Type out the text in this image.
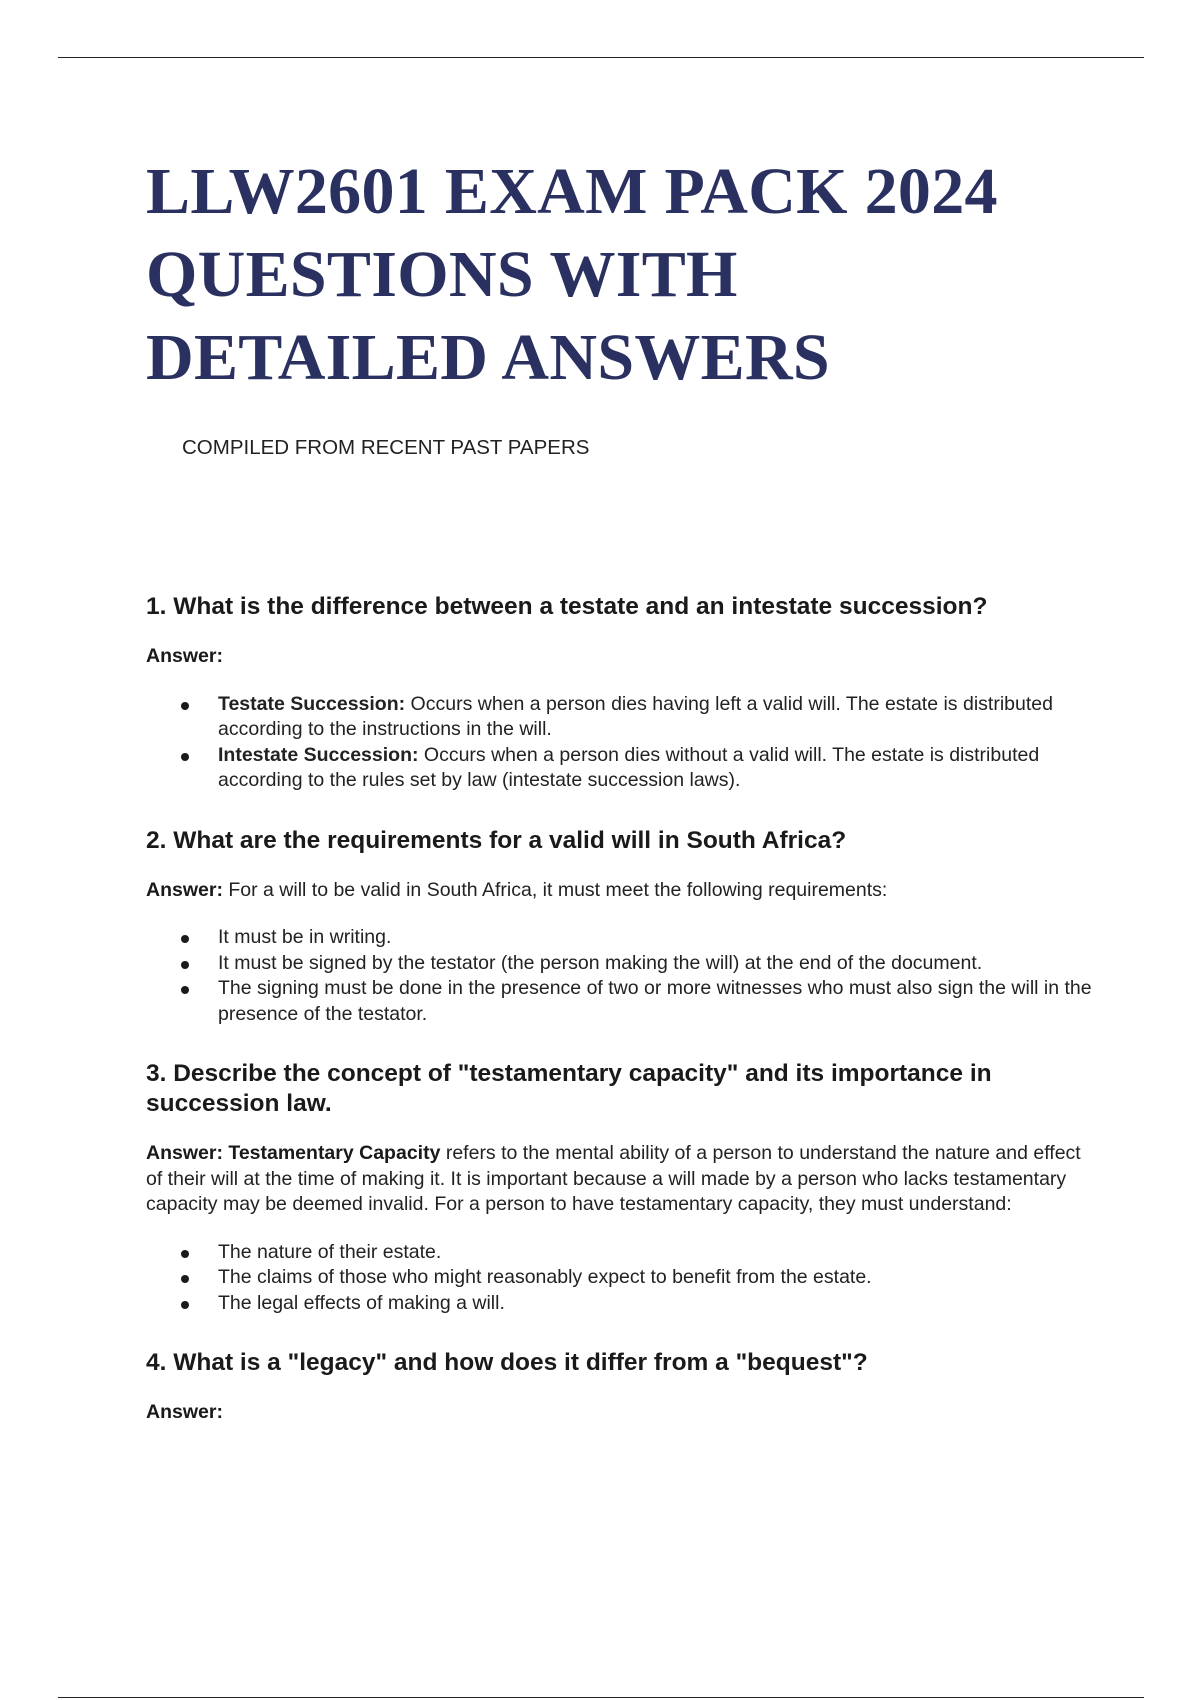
LLW2601 EXAM PACK 2024
QUESTIONS WITH
DETAILED ANSWERS
COMPILED FROM RECENT PAST PAPERS
1. What is the difference between a testate and an intestate succession?

Answer:

Testate Succession: Occurs when a person dies having left a valid will. The estate is distributed according to the instructions in the will.
Intestate Succession: Occurs when a person dies without a valid will. The estate is distributed according to the rules set by law (intestate succession laws).
2. What are the requirements for a valid will in South Africa?

Answer: For a will to be valid in South Africa, it must meet the following requirements:

It must be in writing.
It must be signed by the testator (the person making the will) at the end of the document.
The signing must be done in the presence of two or more witnesses who must also sign the will in the presence of the testator.
3. Describe the concept of "testamentary capacity" and its importance in succession law.

Answer: Testamentary Capacity refers to the mental ability of a person to understand the nature and effect of their will at the time of making it. It is important because a will made by a person who lacks testamentary capacity may be deemed invalid. For a person to have testamentary capacity, they must understand:

The nature of their estate.
The claims of those who might reasonably expect to benefit from the estate.
The legal effects of making a will.
4. What is a "legacy" and how does it differ from a "bequest"?

Answer:
